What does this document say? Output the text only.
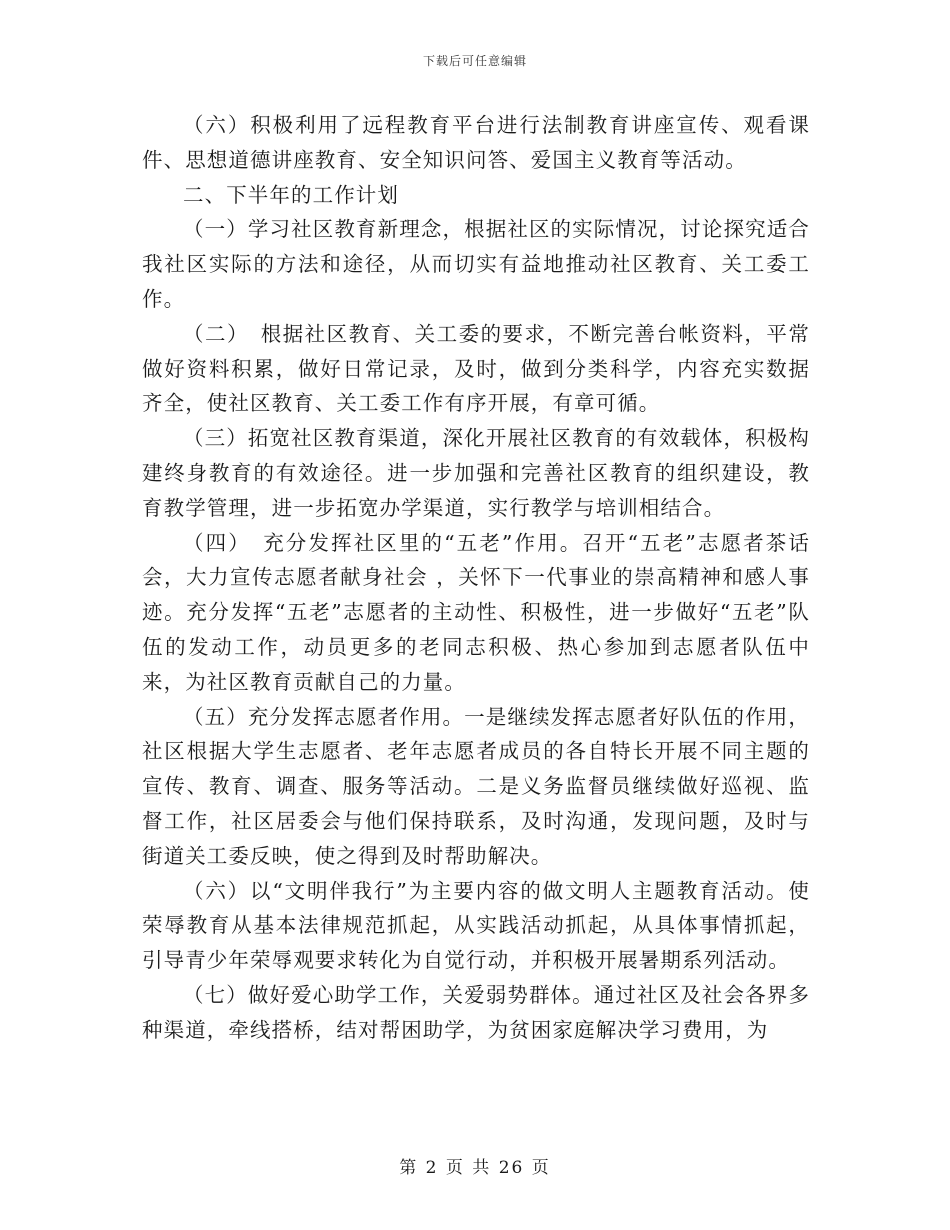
下载后可任意编辑

（六）积极利用了远程教育平台进行法制教育讲座宣传、观看课件、思想道德讲座教育、安全知识问答、爱国主义教育等活动。

二、下半年的工作计划

（一）学习社区教育新理念，根据社区的实际情况，讨论探究适合我社区实际的方法和途径，从而切实有益地推动社区教育、关工委工作。

（二）　根据社区教育、关工委的要求，不断完善台帐资料，平常做好资料积累，做好日常记录，及时，做到分类科学，内容充实数据齐全，使社区教育、关工委工作有序开展，有章可循。

（三）拓宽社区教育渠道，深化开展社区教育的有效载体，积极构建终身教育的有效途径。进一步加强和完善社区教育的组织建设，教育教学管理，进一步拓宽办学渠道，实行教学与培训相结合。

（四）　充分发挥社区里的“五老”作用。召开“五老”志愿者茶话会，大力宣传志愿者献身社会 ，关怀下一代事业的崇高精神和感人事迹。充分发挥“五老”志愿者的主动性、积极性，进一步做好“五老”队伍的发动工作，动员更多的老同志积极、热心参加到志愿者队伍中来，为社区教育贡献自己的力量。

（五）充分发挥志愿者作用。一是继续发挥志愿者好队伍的作用，社区根据大学生志愿者、老年志愿者成员的各自特长开展不同主题的宣传、教育、调查、服务等活动。二是义务监督员继续做好巡视、监督工作，社区居委会与他们保持联系，及时沟通，发现问题，及时与街道关工委反映，使之得到及时帮助解决。

（六）以“文明伴我行”为主要内容的做文明人主题教育活动。使荣辱教育从基本法律规范抓起，从实践活动抓起，从具体事情抓起，引导青少年荣辱观要求转化为自觉行动，并积极开展暑期系列活动。

（七）做好爱心助学工作，关爱弱势群体。通过社区及社会各界多种渠道，牵线搭桥，结对帮困助学，为贫困家庭解决学习费用，为

第 2 页 共 26 页
